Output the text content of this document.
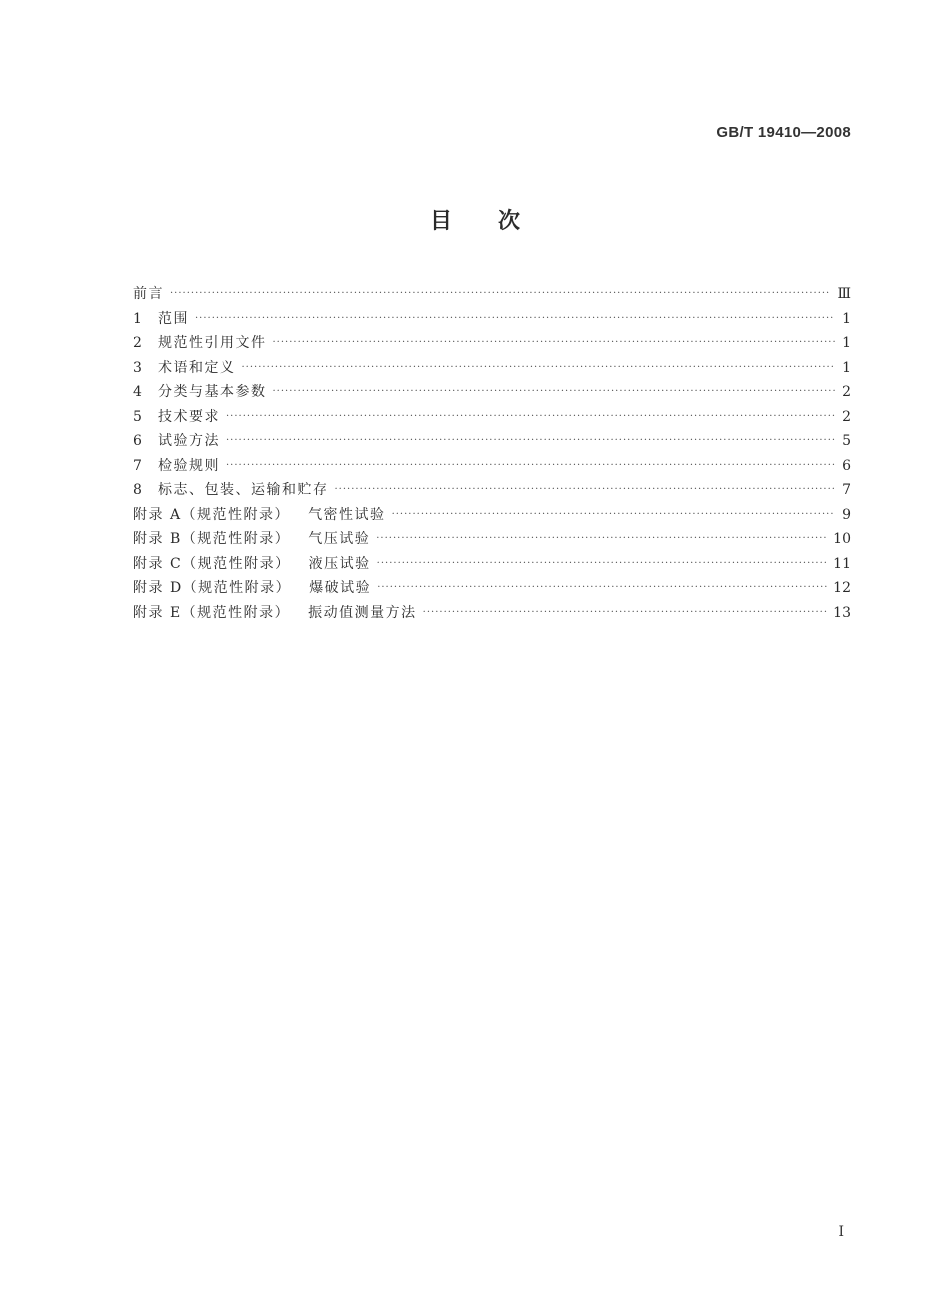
GB/T 19410—2008
目次
前言 ·····	Ⅲ
1 范围 ·····	1
2 规范性引用文件 ·····	1
3 术语和定义 ·····	1
4 分类与基本参数 ·····	2
5 技术要求 ·····	2
6 试验方法 ·····	5
7 检验规则 ·····	6
8 标志、包装、运输和贮存 ·····	7
附录 A（规范性附录） 气密性试验 ·····	9
附录 B（规范性附录） 气压试验 ·····	10
附录 C（规范性附录） 液压试验 ·····	11
附录 D（规范性附录） 爆破试验 ·····	12
附录 E（规范性附录） 振动值测量方法 ·····	13
I
